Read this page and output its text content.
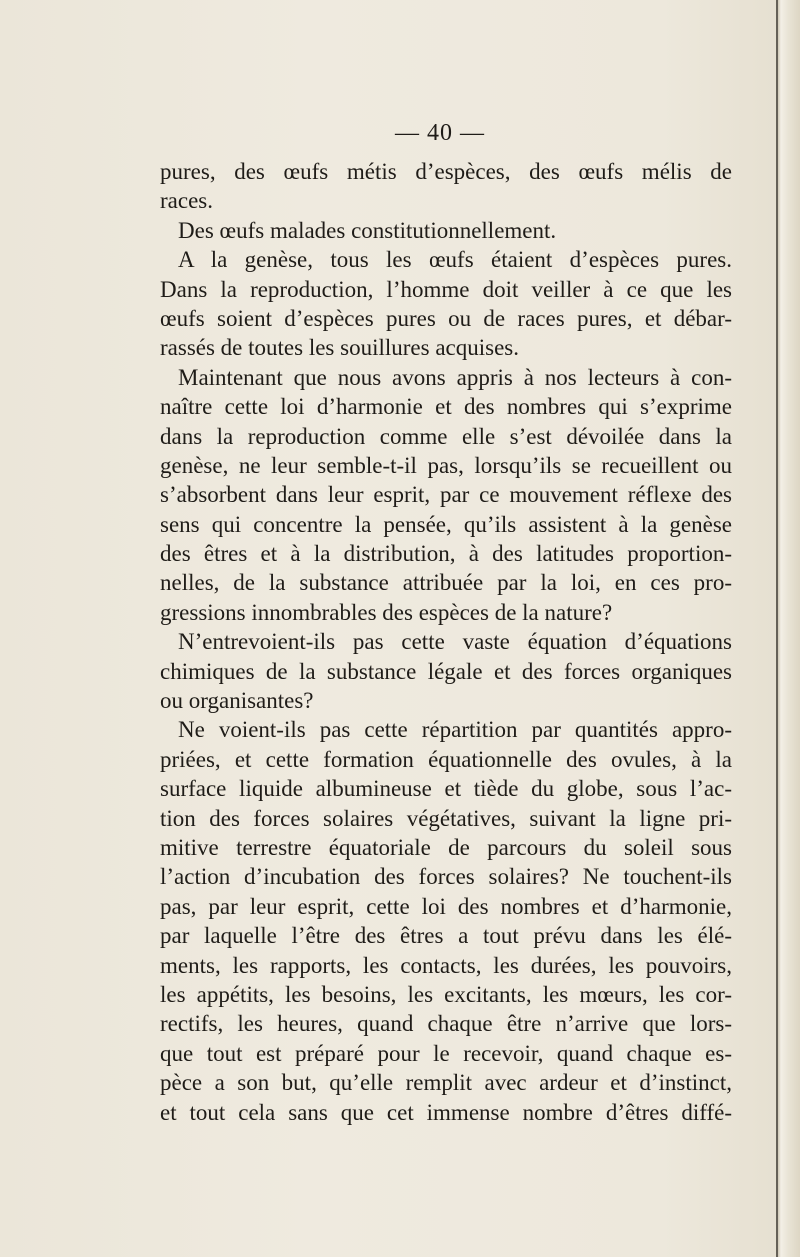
— 40 —
pures, des œufs métis d’espèces, des œufs mélis de
races.
Des œufs malades constitutionnellement.
A la genèse, tous les œufs étaient d’espèces pures.
Dans la reproduction, l’homme doit veiller à ce que les
œufs soient d’espèces pures ou de races pures, et débar-
rassés de toutes les souillures acquises.
Maintenant que nous avons appris à nos lecteurs à con-
naître cette loi d’harmonie et des nombres qui s’exprime
dans la reproduction comme elle s’est dévoilée dans la
genèse, ne leur semble-t-il pas, lorsqu’ils se recueillent ou
s’absorbent dans leur esprit, par ce mouvement réflexe des
sens qui concentre la pensée, qu’ils assistent à la genèse
des êtres et à la distribution, à des latitudes proportion-
nelles, de la substance attribuée par la loi, en ces pro-
gressions innombrables des espèces de la nature?
N’entrevoient-ils pas cette vaste équation d’équations
chimiques de la substance légale et des forces organiques
ou organisantes?
Ne voient-ils pas cette répartition par quantités appro-
priées, et cette formation équationnelle des ovules, à la
surface liquide albumineuse et tiède du globe, sous l’ac-
tion des forces solaires végétatives, suivant la ligne pri-
mitive terrestre équatoriale de parcours du soleil sous
l’action d’incubation des forces solaires? Ne touchent-ils
pas, par leur esprit, cette loi des nombres et d’harmonie,
par laquelle l’être des êtres a tout prévu dans les élé-
ments, les rapports, les contacts, les durées, les pouvoirs,
les appétits, les besoins, les excitants, les mœurs, les cor-
rectifs, les heures, quand chaque être n’arrive que lors-
que tout est préparé pour le recevoir, quand chaque es-
pèce a son but, qu’elle remplit avec ardeur et d’instinct,
et tout cela sans que cet immense nombre d’êtres diffé-
